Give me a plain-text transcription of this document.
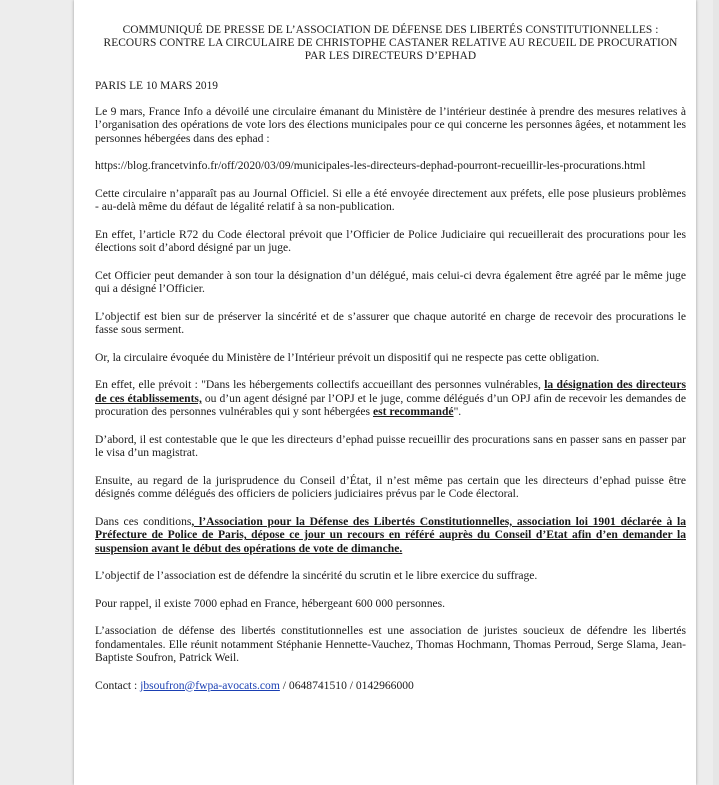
COMMUNIQUÉ DE PRESSE DE L’ASSOCIATION DE DÉFENSE DES LIBERTÉS CONSTITUTIONNELLES : RECOURS CONTRE LA CIRCULAIRE DE CHRISTOPHE CASTANER RELATIVE AU RECUEIL DE PROCURATION PAR LES DIRECTEURS D’EPHAD
PARIS LE 10 MARS 2019

Le 9 mars, France Info a dévoilé une circulaire émanant du Ministère de l’intérieur destinée à prendre des mesures relatives à l’organisation des opérations de vote lors des élections municipales pour ce qui concerne les personnes âgées, et notamment les personnes hébergées dans des ephad :

https://blog.francetvinfo.fr/off/2020/03/09/municipales-les-directeurs-dephad-pourront-recueillir-les-procurations.html

Cette circulaire n’apparaît pas au Journal Officiel. Si elle a été envoyée directement aux préfets, elle pose plusieurs problèmes - au-delà même du défaut de légalité relatif à sa non-publication.

En effet, l’article R72 du Code électoral prévoit que l’Officier de Police Judiciaire qui recueillerait des procurations pour les élections soit d’abord désigné par un juge.

Cet Officier peut demander à son tour la désignation d’un délégué, mais celui-ci devra également être agréé par le même juge qui a désigné l’Officier.

L’objectif est bien sur de préserver la sincérité et de s’assurer que chaque autorité en charge de recevoir des procurations le fasse sous serment.

Or, la circulaire évoquée du Ministère de l’Intérieur prévoit un dispositif qui ne respecte pas cette obligation.

En effet, elle prévoit : "Dans les hébergements collectifs accueillant des personnes vulnérables, la désignation des directeurs de ces établissements, ou d’un agent désigné par l’OPJ et le juge, comme délégués d’un OPJ afin de recevoir les demandes de procuration des personnes vulnérables qui y sont hébergées est recommandé".

D’abord, il est contestable que le que les directeurs d’ephad puisse recueillir des procurations sans en passer sans en passer par le visa d’un magistrat.

Ensuite, au regard de la jurisprudence du Conseil d’État, il n’est même pas certain que les directeurs d’ephad puisse être désignés comme délégués des officiers de policiers judiciaires prévus par le Code électoral.

Dans ces conditions, l’Association pour la Défense des Libertés Constitutionnelles, association loi 1901 déclarée à la Préfecture de Police de Paris, dépose ce jour un recours en référé auprès du Conseil d’Etat afin d’en demander la suspension avant le début des opérations de vote de dimanche.

L’objectif de l’association est de défendre la sincérité du scrutin et le libre exercice du suffrage.

Pour rappel, il existe 7000 ephad en France, hébergeant 600 000 personnes.

L’association de défense des libertés constitutionnelles est une association de juristes soucieux de défendre les libertés fondamentales. Elle réunit notamment Stéphanie Hennette-Vauchez, Thomas Hochmann, Thomas Perroud, Serge Slama, Jean-Baptiste Soufron, Patrick Weil.

Contact : jbsoufron@fwpa-avocats.com / 0648741510 / 0142966000
